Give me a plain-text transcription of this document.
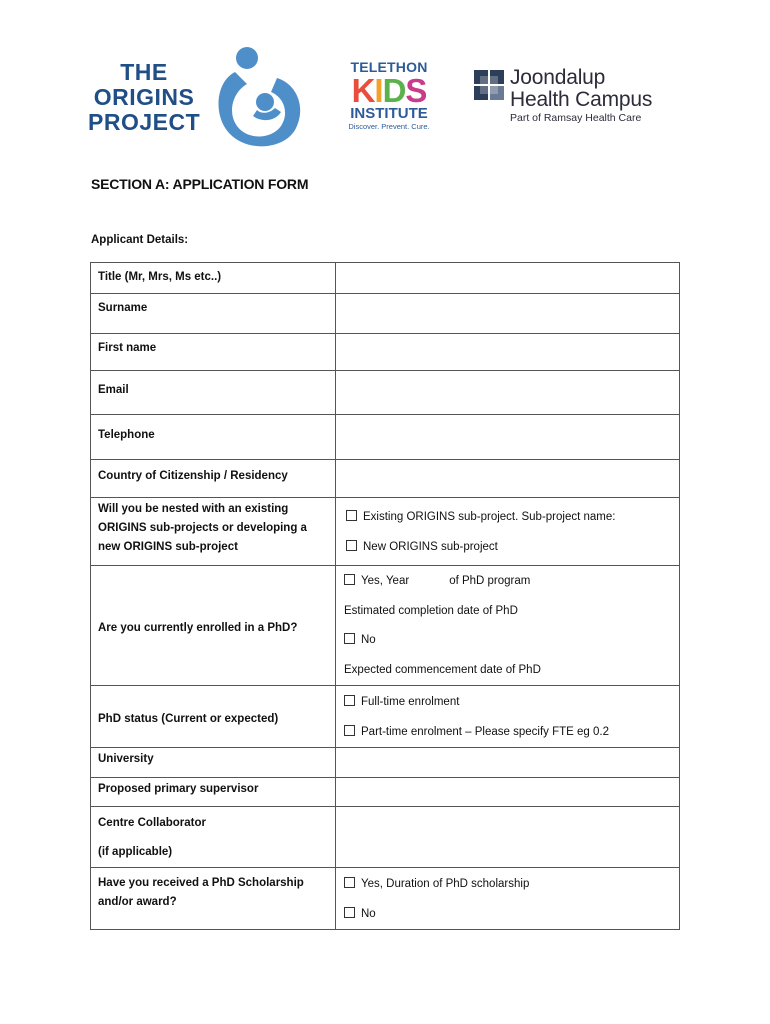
THE
ORIGINS
PROJECT
TELETHON
KIDS
INSTITUTE
Discover. Prevent. Cure.
Joondalup
Health Campus
Part of Ramsay Health Care
SECTION A: APPLICATION FORM
Applicant Details:
Title (Mr, Mrs, Ms etc..)	
Surname	
First name	
Email	
Telephone	
Country of Citizenship / Residency	
Will you be nested with an existing ORIGINS sub-projects or developing a new ORIGINS sub-project	Existing ORIGINS sub-project. Sub-project name:
New ORIGINS sub-project

Are you currently enrolled in a PhD?	Yes, Year of PhD program
Estimated completion date of PhD
No
Expected commencement date of PhD

PhD status (Current or expected)	Full-time enrolment
Part-time enrolment – Please specify FTE eg 0.2

University	
Proposed primary supervisor	

Centre Collaborator
(if applicable)	

Have you received a PhD Scholarship and/or award?	Yes, Duration of PhD scholarship
No
